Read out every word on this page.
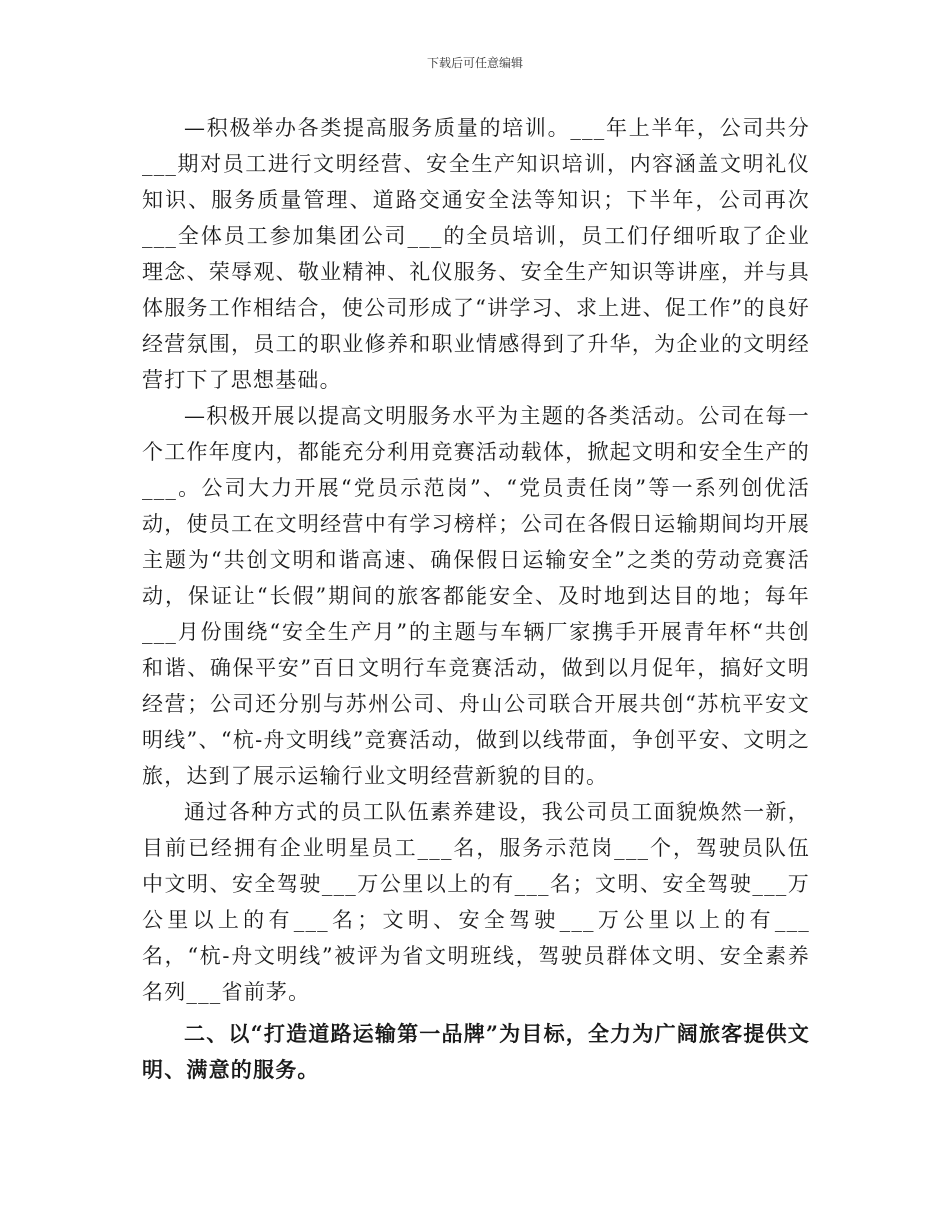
下载后可任意编辑

—积极举办各类提高服务质量的培训。___年上半年，公司共分___期对员工进行文明经营、安全生产知识培训，内容涵盖文明礼仪知识、服务质量管理、道路交通安全法等知识；下半年，公司再次___全体员工参加集团公司___的全员培训，员工们仔细听取了企业理念、荣辱观、敬业精神、礼仪服务、安全生产知识等讲座，并与具体服务工作相结合，使公司形成了“讲学习、求上进、促工作”的良好经营氛围，员工的职业修养和职业情感得到了升华，为企业的文明经营打下了思想基础。

—积极开展以提高文明服务水平为主题的各类活动。公司在每一个工作年度内，都能充分利用竞赛活动载体，掀起文明和安全生产的___。公司大力开展“党员示范岗”、“党员责任岗”等一系列创优活动，使员工在文明经营中有学习榜样；公司在各假日运输期间均开展主题为“共创文明和谐高速、确保假日运输安全”之类的劳动竞赛活动，保证让“长假”期间的旅客都能安全、及时地到达目的地；每年___月份围绕“安全生产月”的主题与车辆厂家携手开展青年杯“共创和谐、确保平安”百日文明行车竞赛活动，做到以月促年，搞好文明经营；公司还分别与苏州公司、舟山公司联合开展共创“苏杭平安文明线”、“杭-舟文明线”竞赛活动，做到以线带面，争创平安、文明之旅，达到了展示运输行业文明经营新貌的目的。

通过各种方式的员工队伍素养建设，我公司员工面貌焕然一新，目前已经拥有企业明星员工___名，服务示范岗___个，驾驶员队伍中文明、安全驾驶___万公里以上的有___名；文明、安全驾驶___万公里以上的有___名；文明、安全驾驶___万公里以上的有___名，“杭-舟文明线”被评为省文明班线，驾驶员群体文明、安全素养名列___省前茅。

二、以“打造道路运输第一品牌”为目标，全力为广阔旅客提供文明、满意的服务。
